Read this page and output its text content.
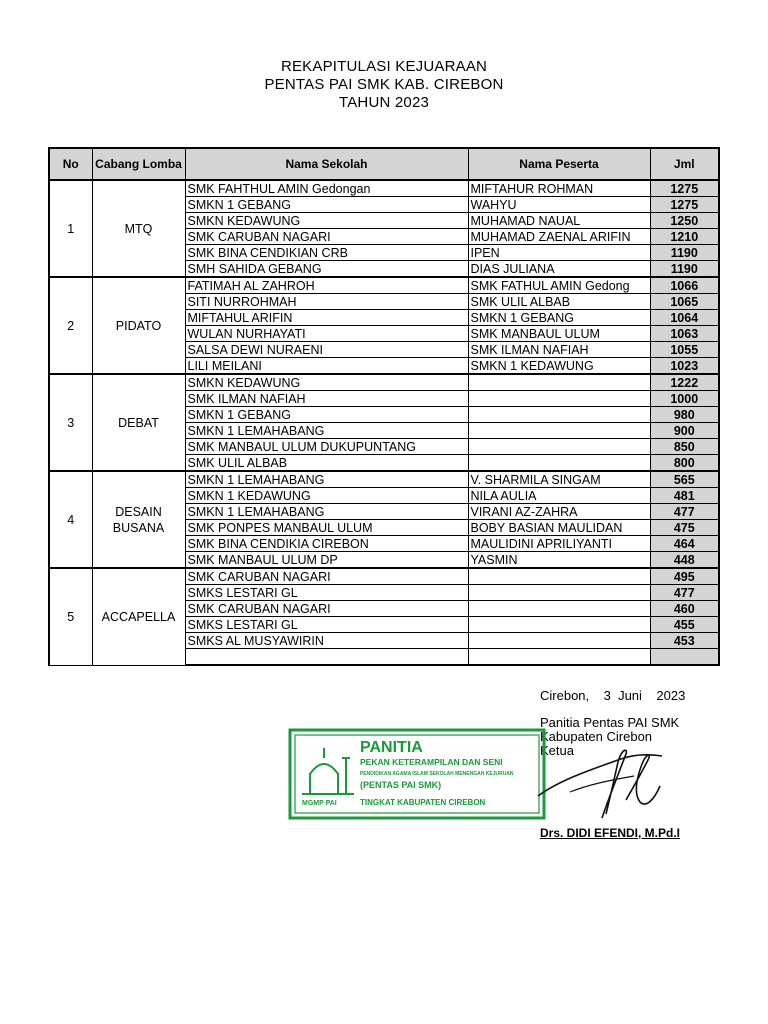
REKAPITULASI KEJUARAAN
PENTAS PAI SMK KAB. CIREBON
TAHUN 2023
No	Cabang Lomba	Nama Sekolah	Nama Peserta	Jml
1	MTQ	SMK FAHTHUL AMIN Gedongan	MIFTAHUR ROHMAN	1275
		SMKN 1 GEBANG	WAHYU	1275
		SMKN KEDAWUNG	MUHAMAD NAUAL	1250
		SMK CARUBAN NAGARI	MUHAMAD ZAENAL ARIFIN	1210
		SMK BINA CENDIKIAN CRB	IPEN	1190
		SMH SAHIDA GEBANG	DIAS JULIANA	1190
2	PIDATO	FATIMAH AL ZAHROH	SMK FATHUL AMIN Gedong	1066
		SITI NURROHMAH	SMK ULIL ALBAB	1065
		MIFTAHUL ARIFIN	SMKN 1 GEBANG	1064
		WULAN NURHAYATI	SMK MANBAUL ULUM	1063
		SALSA DEWI NURAENI	SMK ILMAN NAFIAH	1055
		LILI MEILANI	SMKN 1 KEDAWUNG	1023
3	DEBAT	SMKN KEDAWUNG		1222
		SMK ILMAN NAFIAH		1000
		SMKN 1 GEBANG		980
		SMKN 1 LEMAHABANG		900
		SMK MANBAUL ULUM DUKUPUNTANG		850
		SMK ULIL ALBAB		800
4	DESAIN BUSANA	SMKN 1 LEMAHABANG	V. SHARMILA SINGAM	565
		SMKN 1 KEDAWUNG	NILA AULIA	481
		SMKN 1 LEMAHABANG	VIRANI AZ-ZAHRA	477
		SMK PONPES MANBAUL ULUM	BOBY BASIAN MAULIDAN	475
		SMK BINA CENDIKIA CIREBON	MAULIDINI APRILIYANTI	464
		SMK MANBAUL ULUM DP	YASMIN	448
5	ACCAPELLA	SMK CARUBAN NAGARI		495
		SMKS LESTARI GL		477
		SMK CARUBAN NAGARI		460
		SMKS LESTARI GL		455
		SMKS AL MUSYAWIRIN		453

Cirebon, 3 Juni 2023
Panitia Pentas PAI SMK
Kabupaten Cirebon
Ketua
PANITIA
PEKAN KETERAMPILAN DAN SENI
PENDIDIKAN AGAMA ISLAM SEKOLAH MENENGAH KEJURUAN
(PENTAS PAI SMK)
TINGKAT KABUPATEN CIREBON
MGMP PAI
Drs. DIDI EFENDI, M.Pd.I
